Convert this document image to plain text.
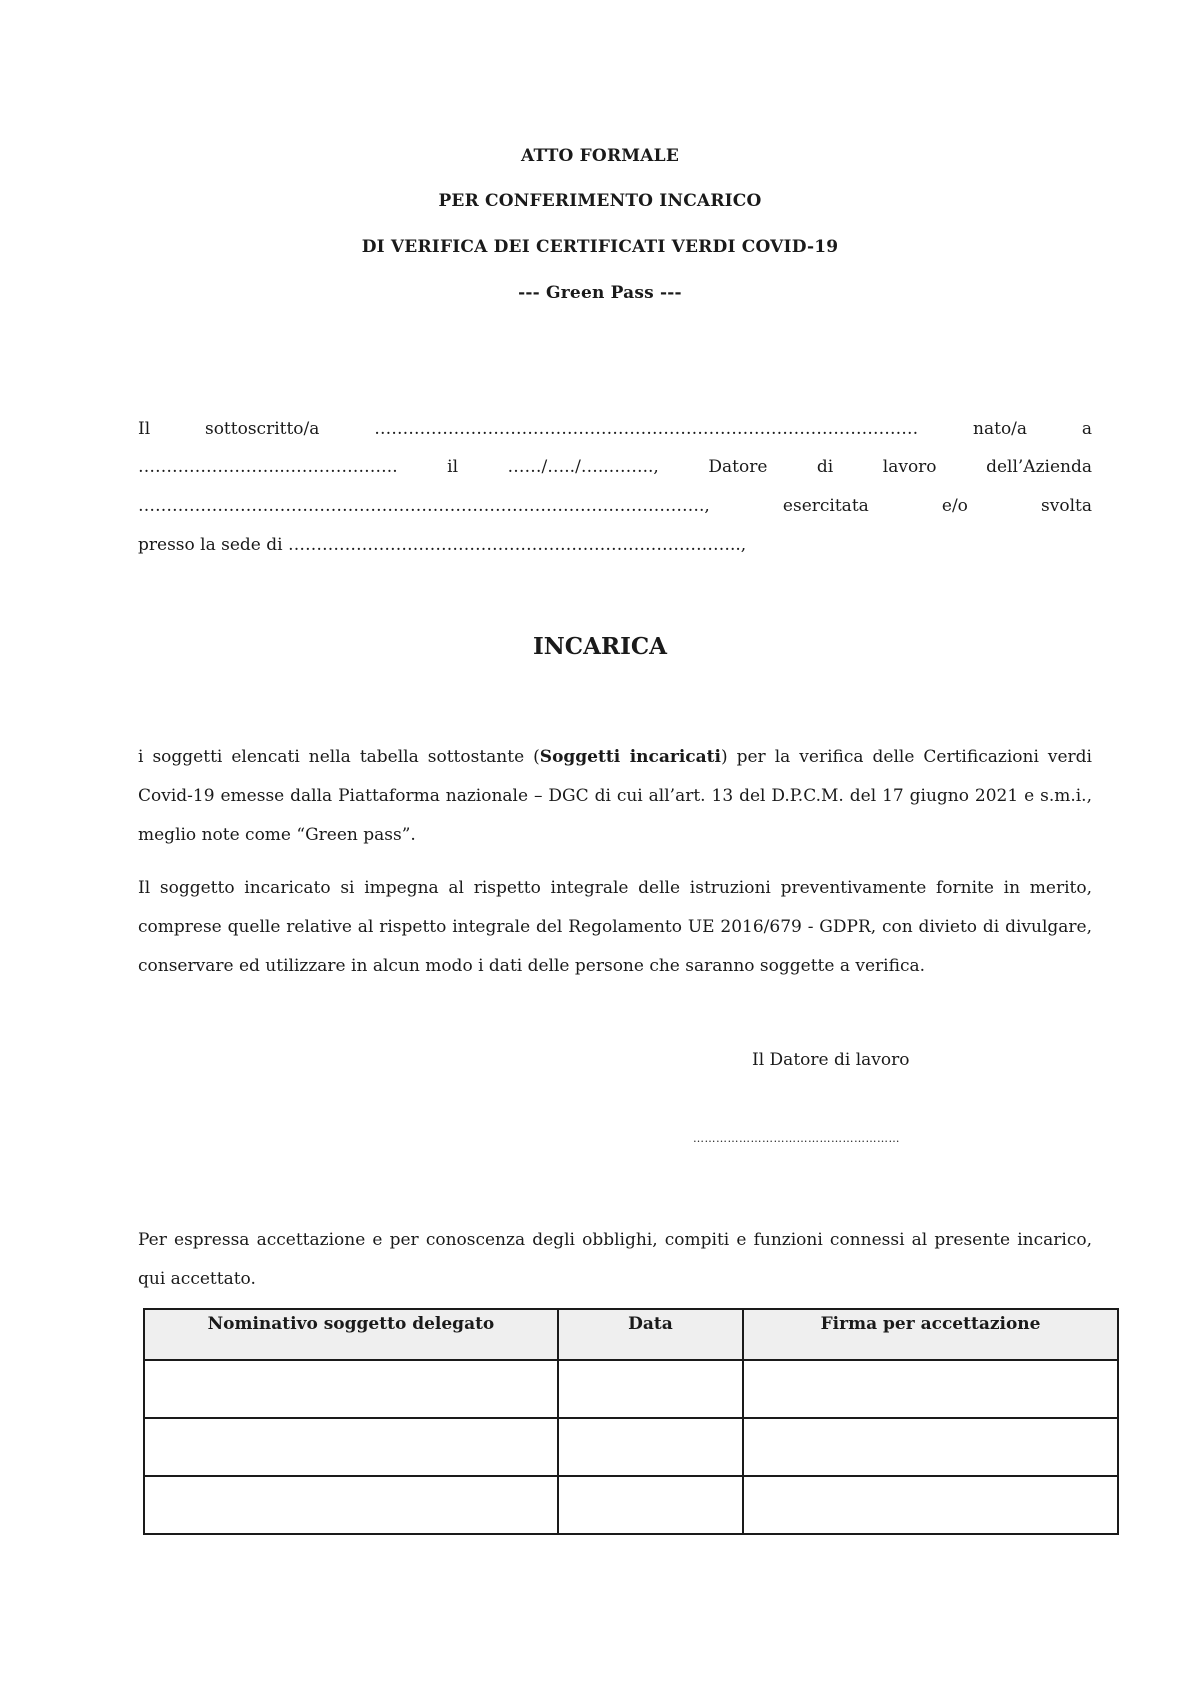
ATTO FORMALE
PER CONFERIMENTO INCARICO
DI VERIFICA DEI CERTIFICATI VERDI COVID-19
--- Green Pass ---
Il sottoscritto/a …………………………………………………………………………………… nato/a a
……………………..……………….. il ……/…../…..…….., Datore di lavoro dell’Azienda
………………………………………………………………………………………., esercitata e/o svolta
presso la sede di ……………………………………………………………………..,
INCARICA
i soggetti elencati nella tabella sottostante (Soggetti incaricati) per la verifica delle Certificazioni verdi Covid-19 emesse dalla Piattaforma nazionale – DGC di cui all’art. 13 del D.P.C.M. del 17 giugno 2021 e s.m.i., meglio note come “Green pass”.
Il soggetto incaricato si impegna al rispetto integrale delle istruzioni preventivamente fornite in merito, comprese quelle relative al rispetto integrale del Regolamento UE 2016/679 - GDPR, con divieto di divulgare, conservare ed utilizzare in alcun modo i dati delle persone che saranno soggette a verifica.
Il Datore di lavoro
………………………………………………
Per espressa accettazione e per conoscenza degli obblighi, compiti e funzioni connessi al presente incarico, qui accettato.
Nominativo soggetto delegato	Data	Firma per accettazione
